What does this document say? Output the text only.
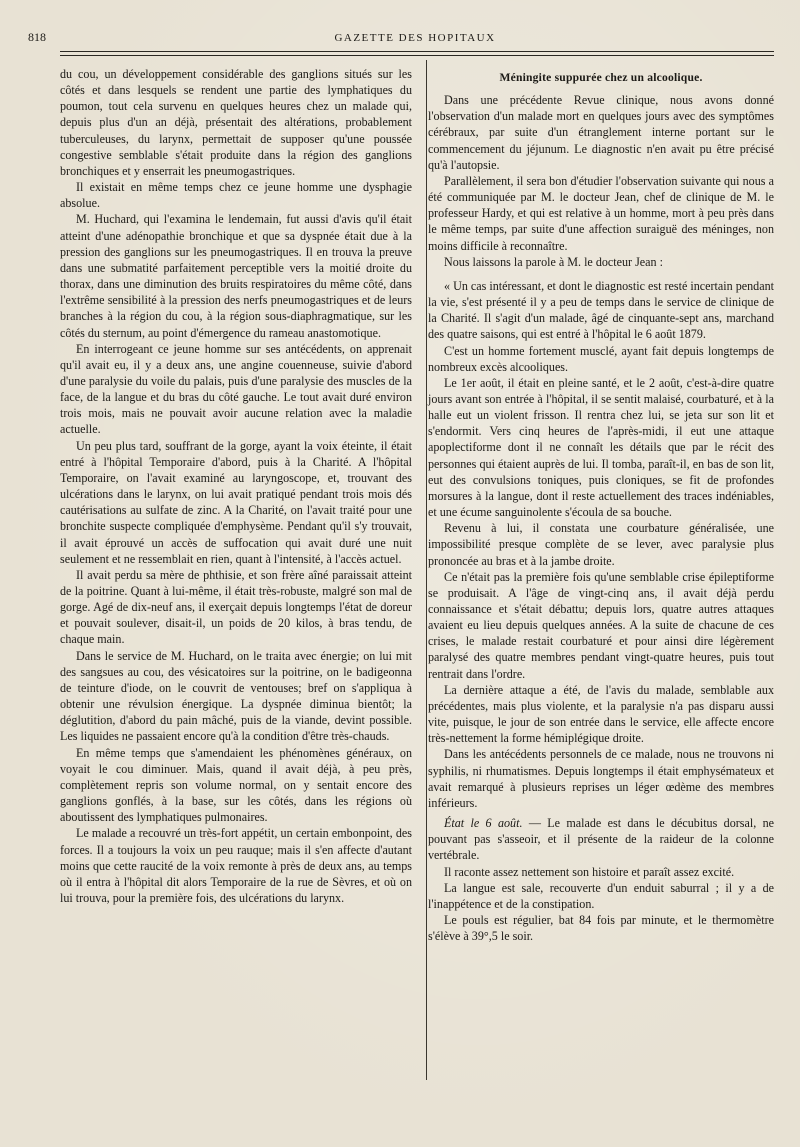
818	GAZETTE DES HOPITAUX

du cou, un développement considérable des ganglions situés sur les côtés et dans lesquels se rendent une partie des lymphatiques du poumon, tout cela survenu en quelques heures chez un malade qui, depuis plus d'un an déjà, présentait des altérations, probablement tuberculeuses, du larynx, permettait de supposer qu'une poussée congestive semblable s'était produite dans la région des ganglions bronchiques et y enserrait les pneumogastriques.

Il existait en même temps chez ce jeune homme une dysphagie absolue.

M. Huchard, qui l'examina le lendemain, fut aussi d'avis qu'il était atteint d'une adénopathie bronchique et que sa dyspnée était due à la pression des ganglions sur les pneumogastriques. Il en trouva la preuve dans une submatité parfaitement perceptible vers la moitié droite du thorax, dans une diminution des bruits respiratoires du même côté, dans l'extrême sensibilité à la pression des nerfs pneumogastriques et de leurs branches à la région du cou, à la région sous-diaphragmatique, sur les côtés du sternum, au point d'émergence du rameau anastomotique.

En interrogeant ce jeune homme sur ses antécédents, on apprenait qu'il avait eu, il y a deux ans, une angine couenneuse, suivie d'abord d'une paralysie du voile du palais, puis d'une paralysie des muscles de la face, de la langue et du bras du côté gauche. Le tout avait duré environ trois mois, mais ne pouvait avoir aucune relation avec la maladie actuelle.

Un peu plus tard, souffrant de la gorge, ayant la voix éteinte, il était entré à l'hôpital Temporaire d'abord, puis à la Charité. A l'hôpital Temporaire, on l'avait examiné au laryngoscope, et, trouvant des ulcérations dans le larynx, on lui avait pratiqué pendant trois mois dés cautérisations au sulfate de zinc. A la Charité, on l'avait traité pour une bronchite suspecte compliquée d'emphysème. Pendant qu'il s'y trouvait, il avait éprouvé un accès de suffocation qui avait duré une nuit seulement et ne ressemblait en rien, quant à l'intensité, à l'accès actuel.

Il avait perdu sa mère de phthisie, et son frère aîné paraissait atteint de la poitrine. Quant à lui-même, il était très-robuste, malgré son mal de gorge. Agé de dix-neuf ans, il exerçait depuis longtemps l'état de doreur et pouvait soulever, disait-il, un poids de 20 kilos, à bras tendu, de chaque main.

Dans le service de M. Huchard, on le traita avec énergie; on lui mit des sangsues au cou, des vésicatoires sur la poitrine, on le badigeonna de teinture d'iode, on le couvrit de ventouses; bref on s'appliqua à obtenir une révulsion énergique. La dyspnée diminua bientôt; la déglutition, d'abord du pain mâché, puis de la viande, devint possible. Les liquides ne passaient encore qu'à la condition d'être très-chauds.

En même temps que s'amendaient les phénomènes généraux, on voyait le cou diminuer. Mais, quand il avait déjà, à peu près, complètement repris son volume normal, on y sentait encore des ganglions gonflés, à la base, sur les côtés, dans les régions où aboutissent des lymphatiques pulmonaires.

Le malade a recouvré un très-fort appétit, un certain embonpoint, des forces. Il a toujours la voix un peu rauque; mais il s'en affecte d'autant moins que cette raucité de la voix remonte à près de deux ans, au temps où il entra à l'hôpital dit alors Temporaire de la rue de Sèvres, et où on lui trouva, pour la première fois, des ulcérations du larynx.

Méningite suppurée chez un alcoolique.

Dans une précédente Revue clinique, nous avons donné l'observation d'un malade mort en quelques jours avec des symptômes cérébraux, par suite d'un étranglement interne portant sur le commencement du jéjunum. Le diagnostic n'en avait pu être précisé qu'à l'autopsie.

Parallèlement, il sera bon d'étudier l'observation suivante qui nous a été communiquée par M. le docteur Jean, chef de clinique de M. le professeur Hardy, et qui est relative à un homme, mort à peu près dans le même temps, par suite d'une affection suraiguë des méninges, non moins difficile à reconnaître.

Nous laissons la parole à M. le docteur Jean :

« Un cas intéressant, et dont le diagnostic est resté incertain pendant la vie, s'est présenté il y a peu de temps dans le service de clinique de la Charité. Il s'agit d'un malade, âgé de cinquante-sept ans, marchand des quatre saisons, qui est entré à l'hôpital le 6 août 1879.

C'est un homme fortement musclé, ayant fait depuis longtemps de nombreux excès alcooliques.

Le 1er août, il était en pleine santé, et le 2 août, c'est-à-dire quatre jours avant son entrée à l'hôpital, il se sentit malaisé, courbaturé, et à la halle eut un violent frisson. Il rentra chez lui, se jeta sur son lit et s'endormit. Vers cinq heures de l'après-midi, il eut une attaque apoplectiforme dont il ne connaît les détails que par le récit des personnes qui étaient auprès de lui. Il tomba, paraît-il, en bas de son lit, eut des convulsions toniques, puis cloniques, se fit de profondes morsures à la langue, dont il reste actuellement des traces indéniables, et une écume sanguinolente s'écoula de sa bouche.

Revenu à lui, il constata une courbature généralisée, une impossibilité presque complète de se lever, avec paralysie plus prononcée au bras et à la jambe droite.

Ce n'était pas la première fois qu'une semblable crise épileptiforme se produisait. A l'âge de vingt-cinq ans, il avait déjà perdu connaissance et s'était débattu; depuis lors, quatre autres attaques avaient eu lieu depuis quelques années. A la suite de chacune de ces crises, le malade restait courbaturé et pour ainsi dire légèrement paralysé des quatre membres pendant vingt-quatre heures, puis tout rentrait dans l'ordre.

La dernière attaque a été, de l'avis du malade, semblable aux précédentes, mais plus violente, et la paralysie n'a pas disparu aussi vite, puisque, le jour de son entrée dans le service, elle affecte encore très-nettement la forme hémiplégique droite.

Dans les antécédents personnels de ce malade, nous ne trouvons ni syphilis, ni rhumatismes. Depuis longtemps il était emphysémateux et avait remarqué à plusieurs reprises un léger œdème des membres inférieurs.

État le 6 août. — Le malade est dans le décubitus dorsal, ne pouvant pas s'asseoir, et il présente de la raideur de la colonne vertébrale.

Il raconte assez nettement son histoire et paraît assez excité.

La langue est sale, recouverte d'un enduit saburral ; il y a de l'inappétence et de la constipation.

Le pouls est régulier, bat 84 fois par minute, et le thermomètre s'élève à 39°,5 le soir.
